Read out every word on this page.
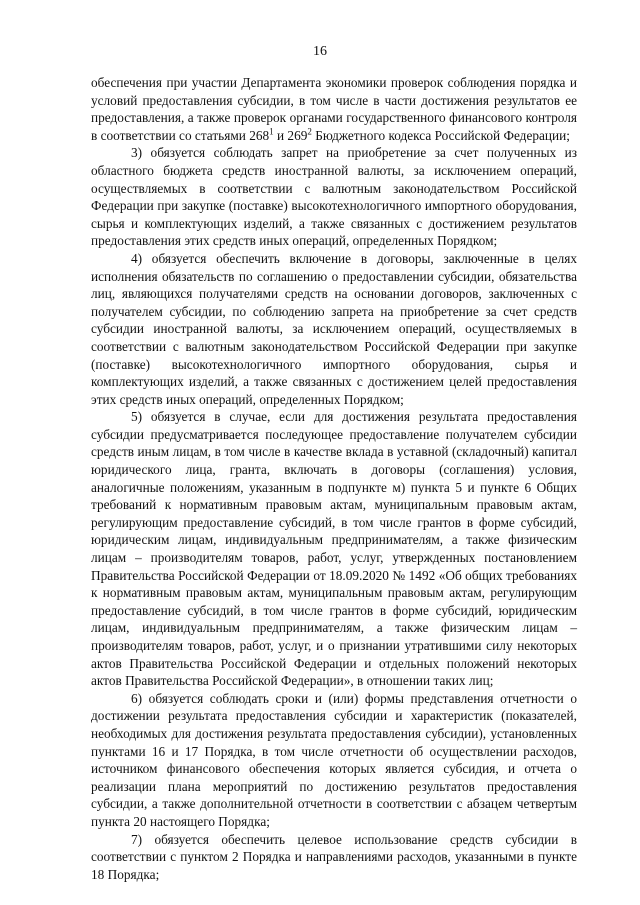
16

обеспечения при участии Департамента экономики проверок соблюдения порядка и условий предоставления субсидии, в том числе в части достижения результатов ее предоставления, а также проверок органами государственного финансового контроля в соответствии со статьями $268^1$ и $269^2$ Бюджетного кодекса Российской Федерации;

3) обязуется соблюдать запрет на приобретение за счет полученных из областного бюджета средств иностранной валюты, за исключением операций, осуществляемых в соответствии с валютным законодательством Российской Федерации при закупке (поставке) высокотехнологичного импортного оборудования, сырья и комплектующих изделий, а также связанных с достижением результатов предоставления этих средств иных операций, определенных Порядком;

4) обязуется обеспечить включение в договоры, заключенные в целях исполнения обязательств по соглашению о предоставлении субсидии, обязательства лиц, являющихся получателями средств на основании договоров, заключенных с получателем субсидии, по соблюдению запрета на приобретение за счет средств субсидии иностранной валюты, за исключением операций, осуществляемых в соответствии с валютным законодательством Российской Федерации при закупке (поставке) высокотехнологичного импортного оборудования, сырья и комплектующих изделий, а также связанных с достижением целей предоставления этих средств иных операций, определенных Порядком;

5) обязуется в случае, если для достижения результата предоставления субсидии предусматривается последующее предоставление получателем субсидии средств иным лицам, в том числе в качестве вклада в уставной (складочный) капитал юридического лица, гранта, включать в договоры (соглашения) условия, аналогичные положениям, указанным в подпункте м) пункта 5 и пункте 6 Общих требований к нормативным правовым актам, муниципальным правовым актам, регулирующим предоставление субсидий, в том числе грантов в форме субсидий, юридическим лицам, индивидуальным предпринимателям, а также физическим лицам – производителям товаров, работ, услуг, утвержденных постановлением Правительства Российской Федерации от 18.09.2020 № 1492 «Об общих требованиях к нормативным правовым актам, муниципальным правовым актам, регулирующим предоставление субсидий, в том числе грантов в форме субсидий, юридическим лицам, индивидуальным предпринимателям, а также физическим лицам – производителям товаров, работ, услуг, и о признании утратившими силу некоторых актов Правительства Российской Федерации и отдельных положений некоторых актов Правительства Российской Федерации», в отношении таких лиц;

6) обязуется соблюдать сроки и (или) формы представления отчетности о достижении результата предоставления субсидии и характеристик (показателей, необходимых для достижения результата предоставления субсидии), установленных пунктами 16 и 17 Порядка, в том числе отчетности об осуществлении расходов, источником финансового обеспечения которых является субсидия, и отчета о реализации плана мероприятий по достижению результатов предоставления субсидии, а также дополнительной отчетности в соответствии с абзацем четвертым пункта 20 настоящего Порядка;

7) обязуется обеспечить целевое использование средств субсидии в соответствии с пунктом 2 Порядка и направлениями расходов, указанными в пункте 18 Порядка;
